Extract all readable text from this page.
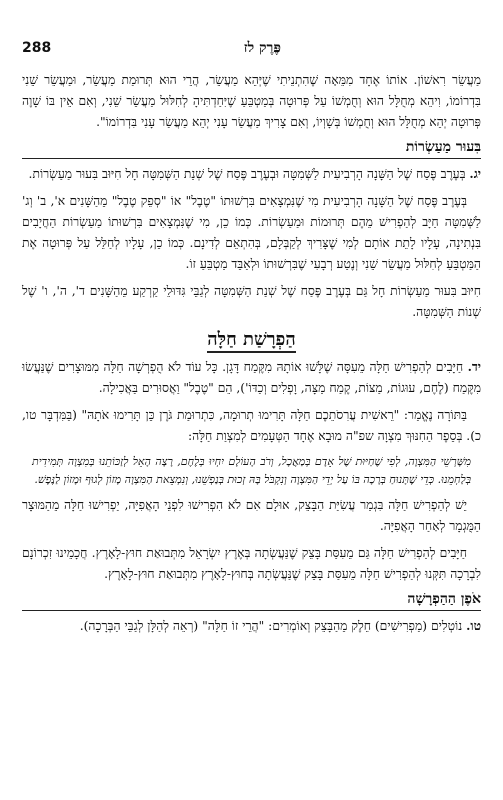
פֶּרֶק לז
288

מַעֲשֵׂר רִאשׁוֹן. אוֹתוֹ אֶחָד מִמֵּאָה שֶׁהִתְנֵיתִי שֶׁיְּהֵא מַעֲשֵׂר, הֲרֵי הוּא תְּרוּמַת מַעֲשֵׂר, וּמַעֲשֵׂר שֵׁנִי בִּדְרוֹמוֹ, וִיהֵא מְחֻלָּל הוּא וְחֻמְשׁוֹ עַל פְּרוּטָה בְּמַטְבֵּעַ שֶׁיִּחַדְתִּיהָ לְחִלּוּל מַעֲשֵׂר שֵׁנִי, וְאִם אֵין בּוֹ שָׁוֶה פְּרוּטָה יְהֵא מְחֻלָּל הוּא וְחֻמְשׁוֹ בְּשָׁוְיוֹ, וְאִם צָרִיךְ מַעֲשַׂר עָנִי יְהֵא מַעֲשַׂר עָנִי בִּדְרוֹמוֹ".

בִּעוּר מַעַשְׂרוֹת

יג. בְּעֶרֶב פֶּסַח שֶׁל הַשָּׁנָה הָרְבִיעִית לַשְּׁמִטָּה וּבְעֶרֶב פֶּסַח שֶׁל שְׁנַת הַשְּׁמִטָּה חָל חִיּוּב בִּעוּר מַעַשְׂרוֹת.

בְּעֶרֶב פֶּסַח שֶׁל הַשָּׁנָה הָרְבִיעִית מִי שֶׁנִּמְצָאִים בִּרְשׁוּתוֹ "טֶבֶל" אוֹ "סְפֵק טֶבֶל" מֵהַשָּׁנִים א', ב' וְג' לַשְּׁמִטָּה חַיָּב לְהַפְרִישׁ מֵהֶם תְּרוּמוֹת וּמַעַשְׂרוֹת. כְּמוֹ כֵן, מִי שֶׁנִּמְצָאִים בִּרְשׁוּתוֹ מַעַשְׂרוֹת הַחֲיָבִים בִּנְתִינָה, עָלָיו לָתֵת אוֹתָם לְמִי שֶׁצָּרִיךְ לְקַבְּלָם, בְּהִתְאֵם לְדִינָם. כְּמוֹ כֵן, עָלָיו לְחַלֵּל עַל פְּרוּטָה אֶת הַמַּטְבֵּעַ לְחִלּוּל מַעֲשֵׂר שֵׁנִי וְנֶטַע רְבָעִי שֶׁבִּרְשׁוּתוֹ וּלְאַבֵּד מַטְבֵּעַ זוֹ.

חִיּוּב בִּעוּר מַעַשְׂרוֹת חָל גַּם בְּעֶרֶב פֶּסַח שֶׁל שְׁנַת הַשְּׁמִטָּה לְגַבֵּי גִּדּוּלֵי קַרְקַע מֵהַשָּׁנִים ד', ה', ו' שֶׁל שְׁנוֹת הַשְּׁמִטָּה.

הַפְרָשַׁת חַלָּה

יד. חַיָּבִים לְהַפְרִישׁ חַלָּה מֵעִסָּה שֶׁלָּשׁוּ אוֹתָהּ מִקֶּמַח דָּגָן. כָּל עוֹד לֹא הֻפְרְשָׁה חַלָּה מִמּוּצָרִים שֶׁנַּעֲשׂוּ מִקֶּמַח (לֶחֶם, עוּגוֹת, מַצּוֹת, קֶמַח מַצָּה, וָפְלִים וְכַדּוֹ'), הֵם "טֶבֶל" וַאֲסוּרִים בַּאֲכִילָה.

בַּתּוֹרָה נֶאֱמַר: "רֵאשִׁית עֲרִסֹתֵכֶם חַלָּה תָּרִימוּ תְרוּמָה, כִּתְרוּמַת גֹּרֶן כֵּן תָּרִימוּ אֹתָהּ" (בַּמִּדְבָּר טו, כ). בְּסֵפֶר הַחִנּוּךְ מִצְוָה שפ"ה מוּבָא אֶחָד הַטְּעָמִים לְמִצְוַת חַלָּה:

מִשָּׁרְשֵׁי הַמִּצְוָה, לְפִי שֶׁחַיּוּת שֶׁל אָדָם בְּמַאֲכָל, וְרֹב הָעוֹלָם יִחְיוּ בְּלֶחֶם, רָצָה הָאֵל לְזַכּוֹתֵנוּ בְּמִצְוָה תְּמִידִית בְּלַחְמֵנוּ. כְּדֵי שֶׁתָּנוּחַ בְּרָכָה בּוֹ עַל יְדֵי הַמִּצְוָה וְנִקְבֹּל בָּהּ זְכוּת בְּנַפְשֵׁנוּ, וְנִמְצֵאת הַמִּצְוָה מָזוֹן לְגוּף וּמָזוֹן לַנֶּפֶשׁ.

יֵשׁ לְהַפְרִישׁ חַלָּה בִּגְמַר עֲשִׂיַּת הַבָּצֵק, אוּלָם אִם לֹא הִפְרִישׁוּ לִפְנֵי הָאֲפִיָּה, יַפְרִישׁוּ חַלָּה מֵהַמּוּצָר הַמֻּגְמָר לְאַחַר הָאֲפִיָּה.

חַיָּבִים לְהַפְרִישׁ חַלָּה גַּם מֵעִסַּת בָּצֵק שֶׁנַּעֲשְׂתָה בְּאֶרֶץ יִשְׂרָאֵל מִתְּבוּאַת חוּץ-לָאָרֶץ. חֲכָמֵינוּ זִכְרוֹנָם לִבְרָכָה תִּקְּנוּ לְהַפְרִישׁ חַלָּה מֵעִסַּת בָּצֵק שֶׁנַּעֲשְׂתָה בְּחוּץ-לָאָרֶץ מִתְּבוּאַת חוּץ-לָאָרֶץ.

אֹפֶן הַהַפְרָשָׁה

טו. נוֹטְלִים (מַפְרִישִׁים) חֵלֶק מֵהַבָּצֵק וְאוֹמְרִים: "הֲרֵי זוֹ חַלָּה" (רְאֵה לְהַלָּן לְגַבֵּי הַבְּרָכָה).
